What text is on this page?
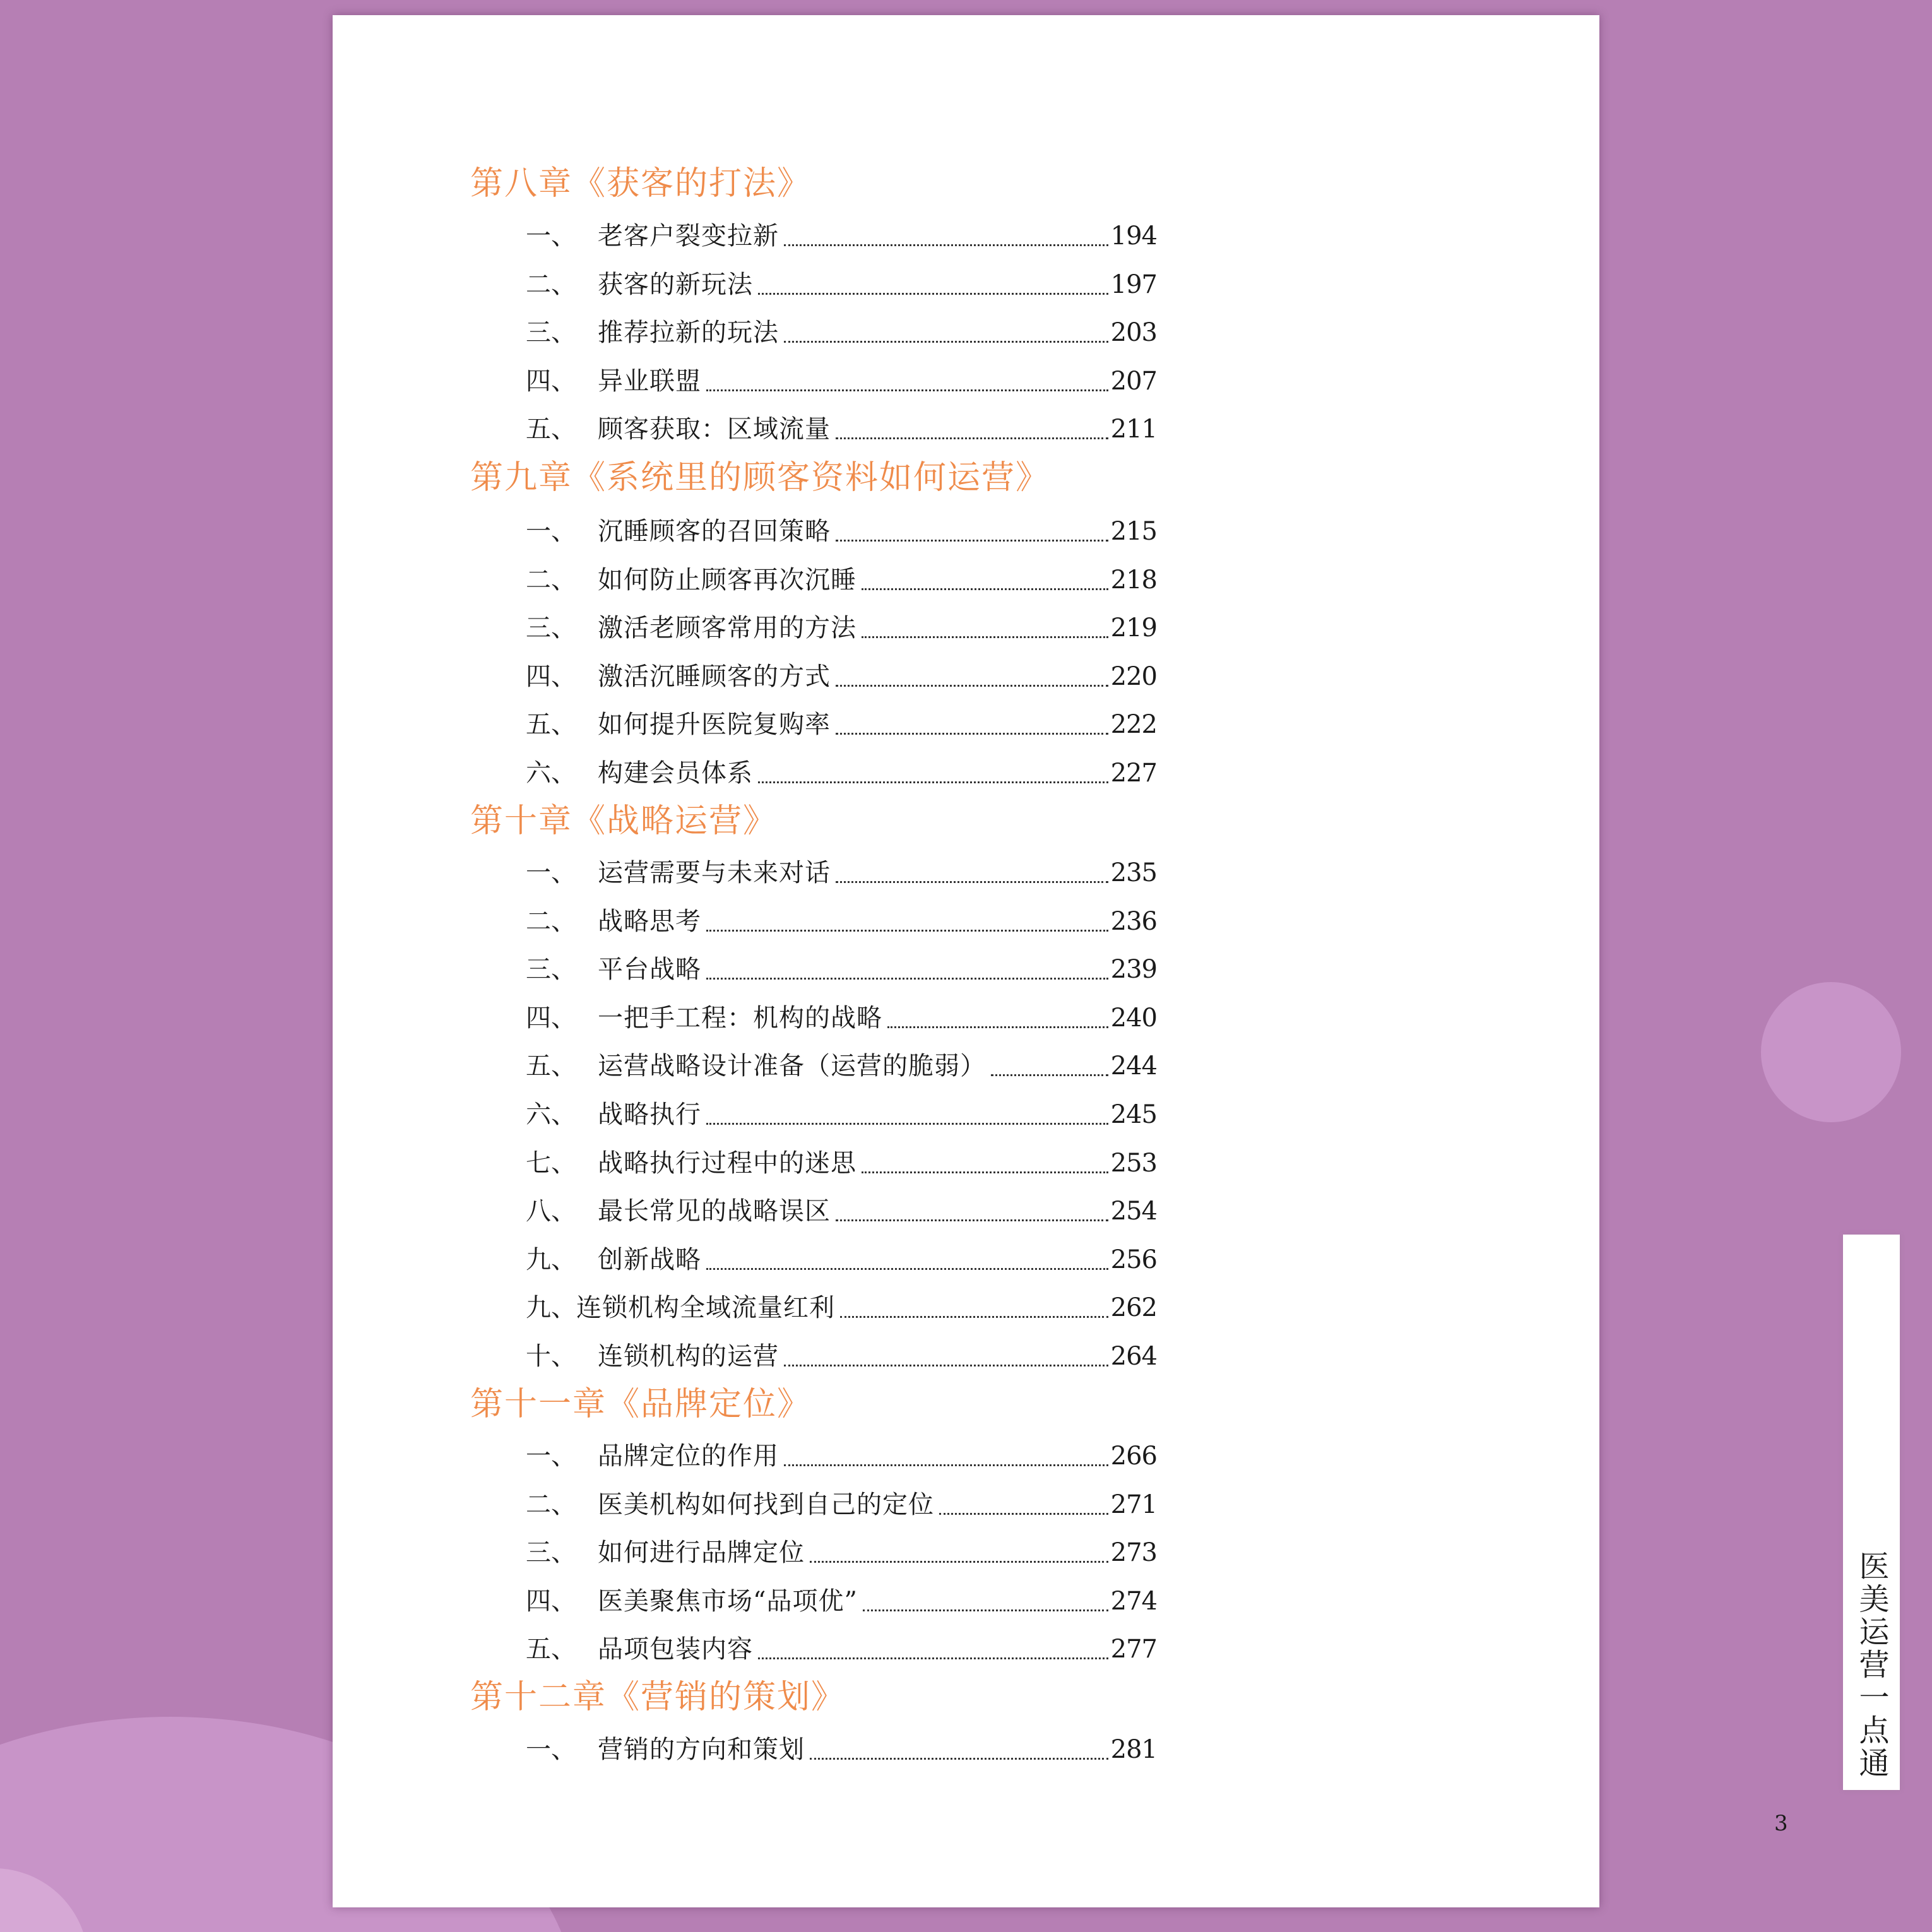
第八章《获客的打法》
一、 老客户裂变拉新	194
二、 获客的新玩法	197
三、 推荐拉新的玩法	203
四、 异业联盟	207
五、 顾客获取：区域流量	211
第九章《系统里的顾客资料如何运营》
一、 沉睡顾客的召回策略	215
二、 如何防止顾客再次沉睡	218
三、 激活老顾客常用的方法	219
四、 激活沉睡顾客的方式	220
五、 如何提升医院复购率	222
六、 构建会员体系	227
第十章《战略运营》
一、 运营需要与未来对话	235
二、 战略思考	236
三、 平台战略	239
四、 一把手工程：机构的战略	240
五、 运营战略设计准备（运营的脆弱）	244
六、 战略执行	245
七、 战略执行过程中的迷思	253
八、 最长常见的战略误区	254
九、 创新战略	256
九、 连锁机构全域流量红利	262
十、 连锁机构的运营	264
第十一章《品牌定位》
一、 品牌定位的作用	266
二、 医美机构如何找到自己的定位	271
三、 如何进行品牌定位	273
四、 医美聚焦市场“品项优”	274
五、 品项包装内容	277
第十二章《营销的策划》
一、 营销的方向和策划	281	医美运营一点通
3
